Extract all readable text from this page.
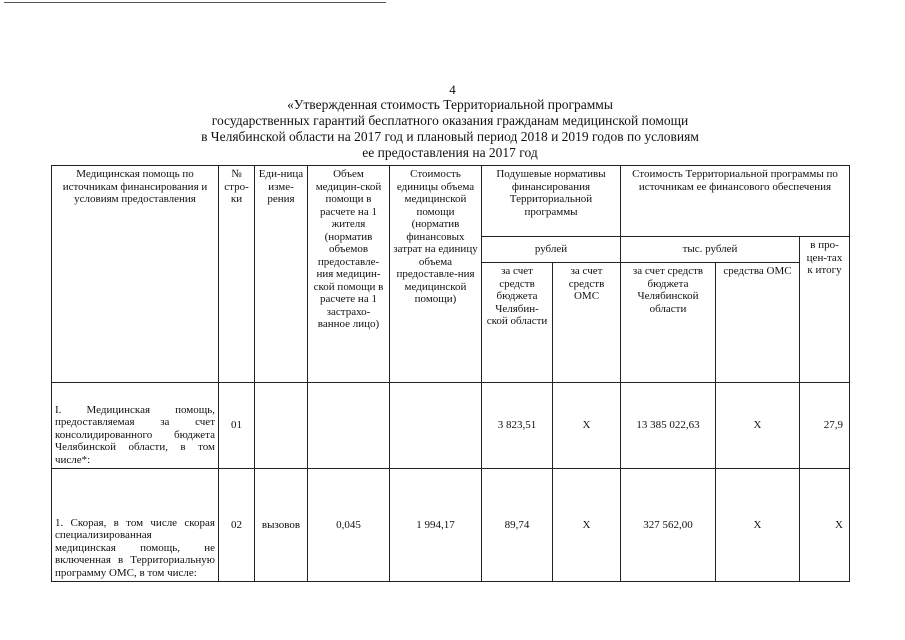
4
«Утвержденная стоимость Территориальной программы
государственных гарантий бесплатного оказания гражданам медицинской помощи
в Челябинской области на 2017 год и плановый период 2018 и 2019 годов по условиям
ее предоставления на 2017 год
Медицинская помощь по источникам финансирования и условиям предоставления	№ стро-ки	Еди-ница изме-рения	Объем медицин-ской помощи в расчете на 1 жителя (норматив объемов предоставле-ния медицин-ской помощи в расчете на 1 застрахо-ванное лицо)	Стоимость единицы объема медицинской помощи (норматив финансовых затрат на единицу объема предоставле-ния медицинской помощи)	Подушевые нормативы финансирования Территориальной программы		Стоимость Территориальной программы по источникам ее финансового обеспечения		
					рублей		тыс. рублей		в про-цен-тах к итогу
					за счет средств бюджета Челябин-ской области	за счет средств ОМС	за счет средств бюджета Челябинской области	средства ОМС	
I. Медицинская помощь, предоставляемая за счет консолидированного бюджета Челябинской области, в том числе*:	01				3 823,51	X	13 385 022,63	X	27,9
1. Скорая, в том числе скорая специализированная медицинская помощь, не включенная в Территориальную программу ОМС, в том числе:	02	вызовов	0,045	1 994,17	89,74	X	327 562,00	X	X
